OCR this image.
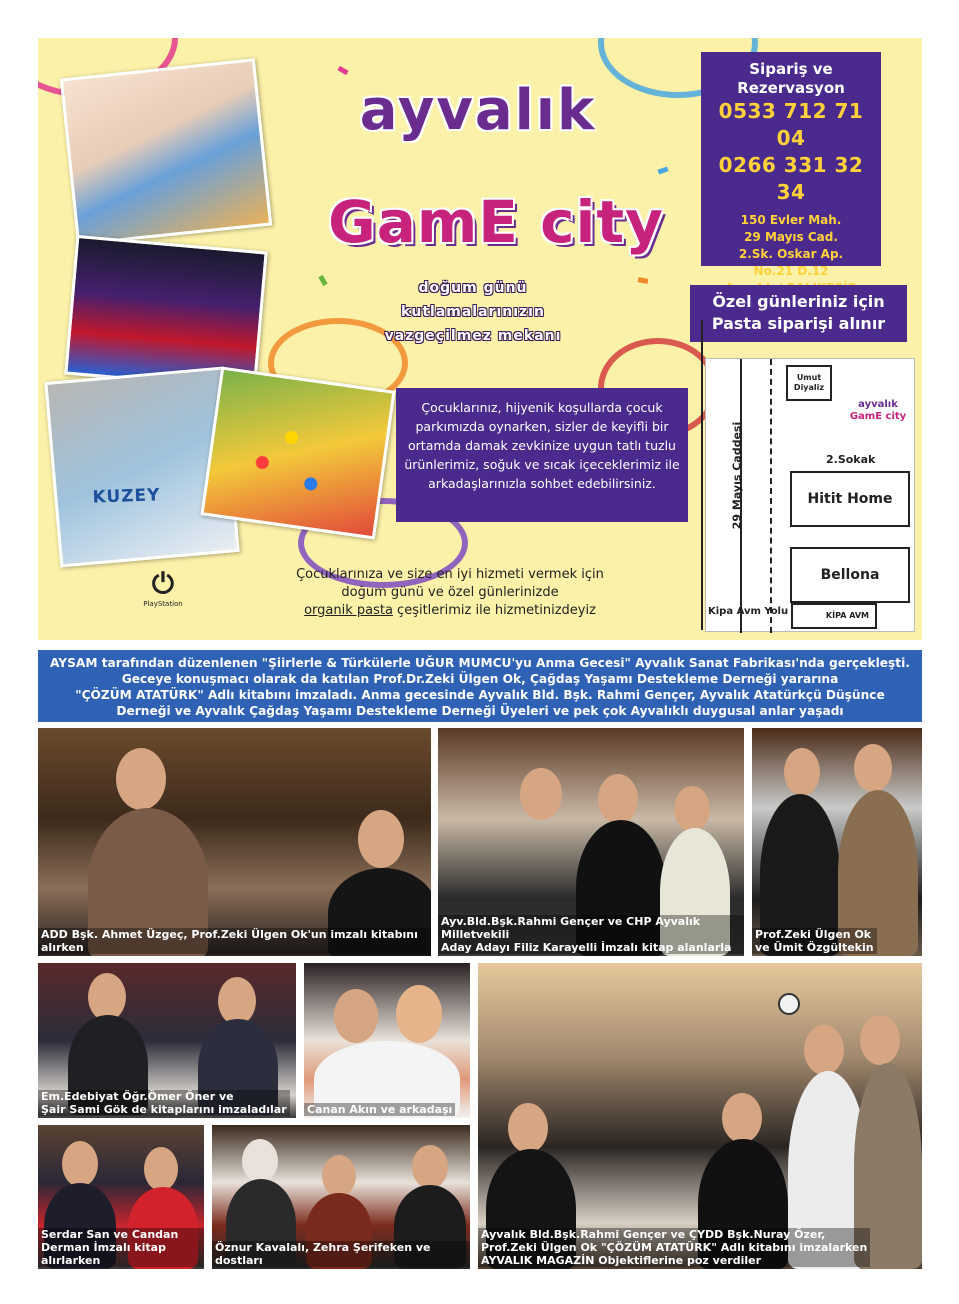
KUZEY
ayvalık
GamE city
doğum günü
kutlamalarınızın
vazgeçilmez mekanı
Sipariş ve
Rezervasyon
0533 712 71 04
0266 331 32 34
150 Evler Mah.
29 Mayıs Cad.
2.Sk. Oskar Ap.
No.21 D.12
Özel günleriniz için
Pasta siparişi alınır
Çocuklarınız, hijyenik koşullarda çocuk parkımızda oynarken, sizler de keyifli bir ortamda damak zevkinize uygun tatlı tuzlu ürünlerimiz, soğuk ve sıcak içeceklerimiz ile arkadaşlarınızla sohbet edebilirsiniz.
⏻
PlayStation
Çocuklarınıza ve size en iyi hizmeti vermek için
doğum günü ve özel günlerinizde
organik pasta çeşitlerimiz ile hizmetinizdeyiz
29 Mayıs Caddesi
Umut Diyaliz
ayvalık
GamE city
2.Sokak
Hitit Home
Bellona
Kipa Avm Yolu	KİPA AVM
AYSAM tarafından düzenlenen "Şiirlerle & Türkülerle UĞUR MUMCU'yu Anma Gecesi" Ayvalık Sanat Fabrikası'nda gerçekleşti.
Geceye konuşmacı olarak da katılan Prof.Dr.Zeki Ülgen Ok, Çağdaş Yaşamı Destekleme Derneği yararına
"ÇÖZÜM ATATÜRK" Adlı kitabını imzaladı. Anma gecesinde Ayvalık Bld. Bşk. Rahmi Gençer, Ayvalık Atatürkçü Düşünce
Derneği ve Ayvalık Çağdaş Yaşamı Destekleme Derneği Üyeleri ve pek çok Ayvalıklı duygusal anlar yaşadı
ADD Bşk. Ahmet Üzgeç, Prof.Zeki Ülgen Ok'un imzalı kitabını alırken
Ayv.Bld.Bşk.Rahmi Gençer ve CHP Ayvalık Milletvekili
Aday Adayı Filiz Karayelli İmzalı kitap alanlarla
Prof.Zeki Ülgen Ok
ve Ümit Özgültekin
Em.Edebiyat Öğr.Ömer Öner ve
Şair Sami Gök de kitaplarını imzaladılar Canan Akın ve arkadaşı
Ayvalık Bld.Bşk.Rahmi Gençer ve ÇYDD Bşk.Nuray Özer,
Prof.Zeki Ülgen Ok "ÇÖZÜM ATATÜRK" Adlı kitabını imzalarken
AYVALIK MAGAZİN Objektiflerine poz verdiler
Serdar San ve Candan
Derman İmzalı kitap alırlarken
Öznur Kavalalı, Zehra Şerifeken ve dostları
